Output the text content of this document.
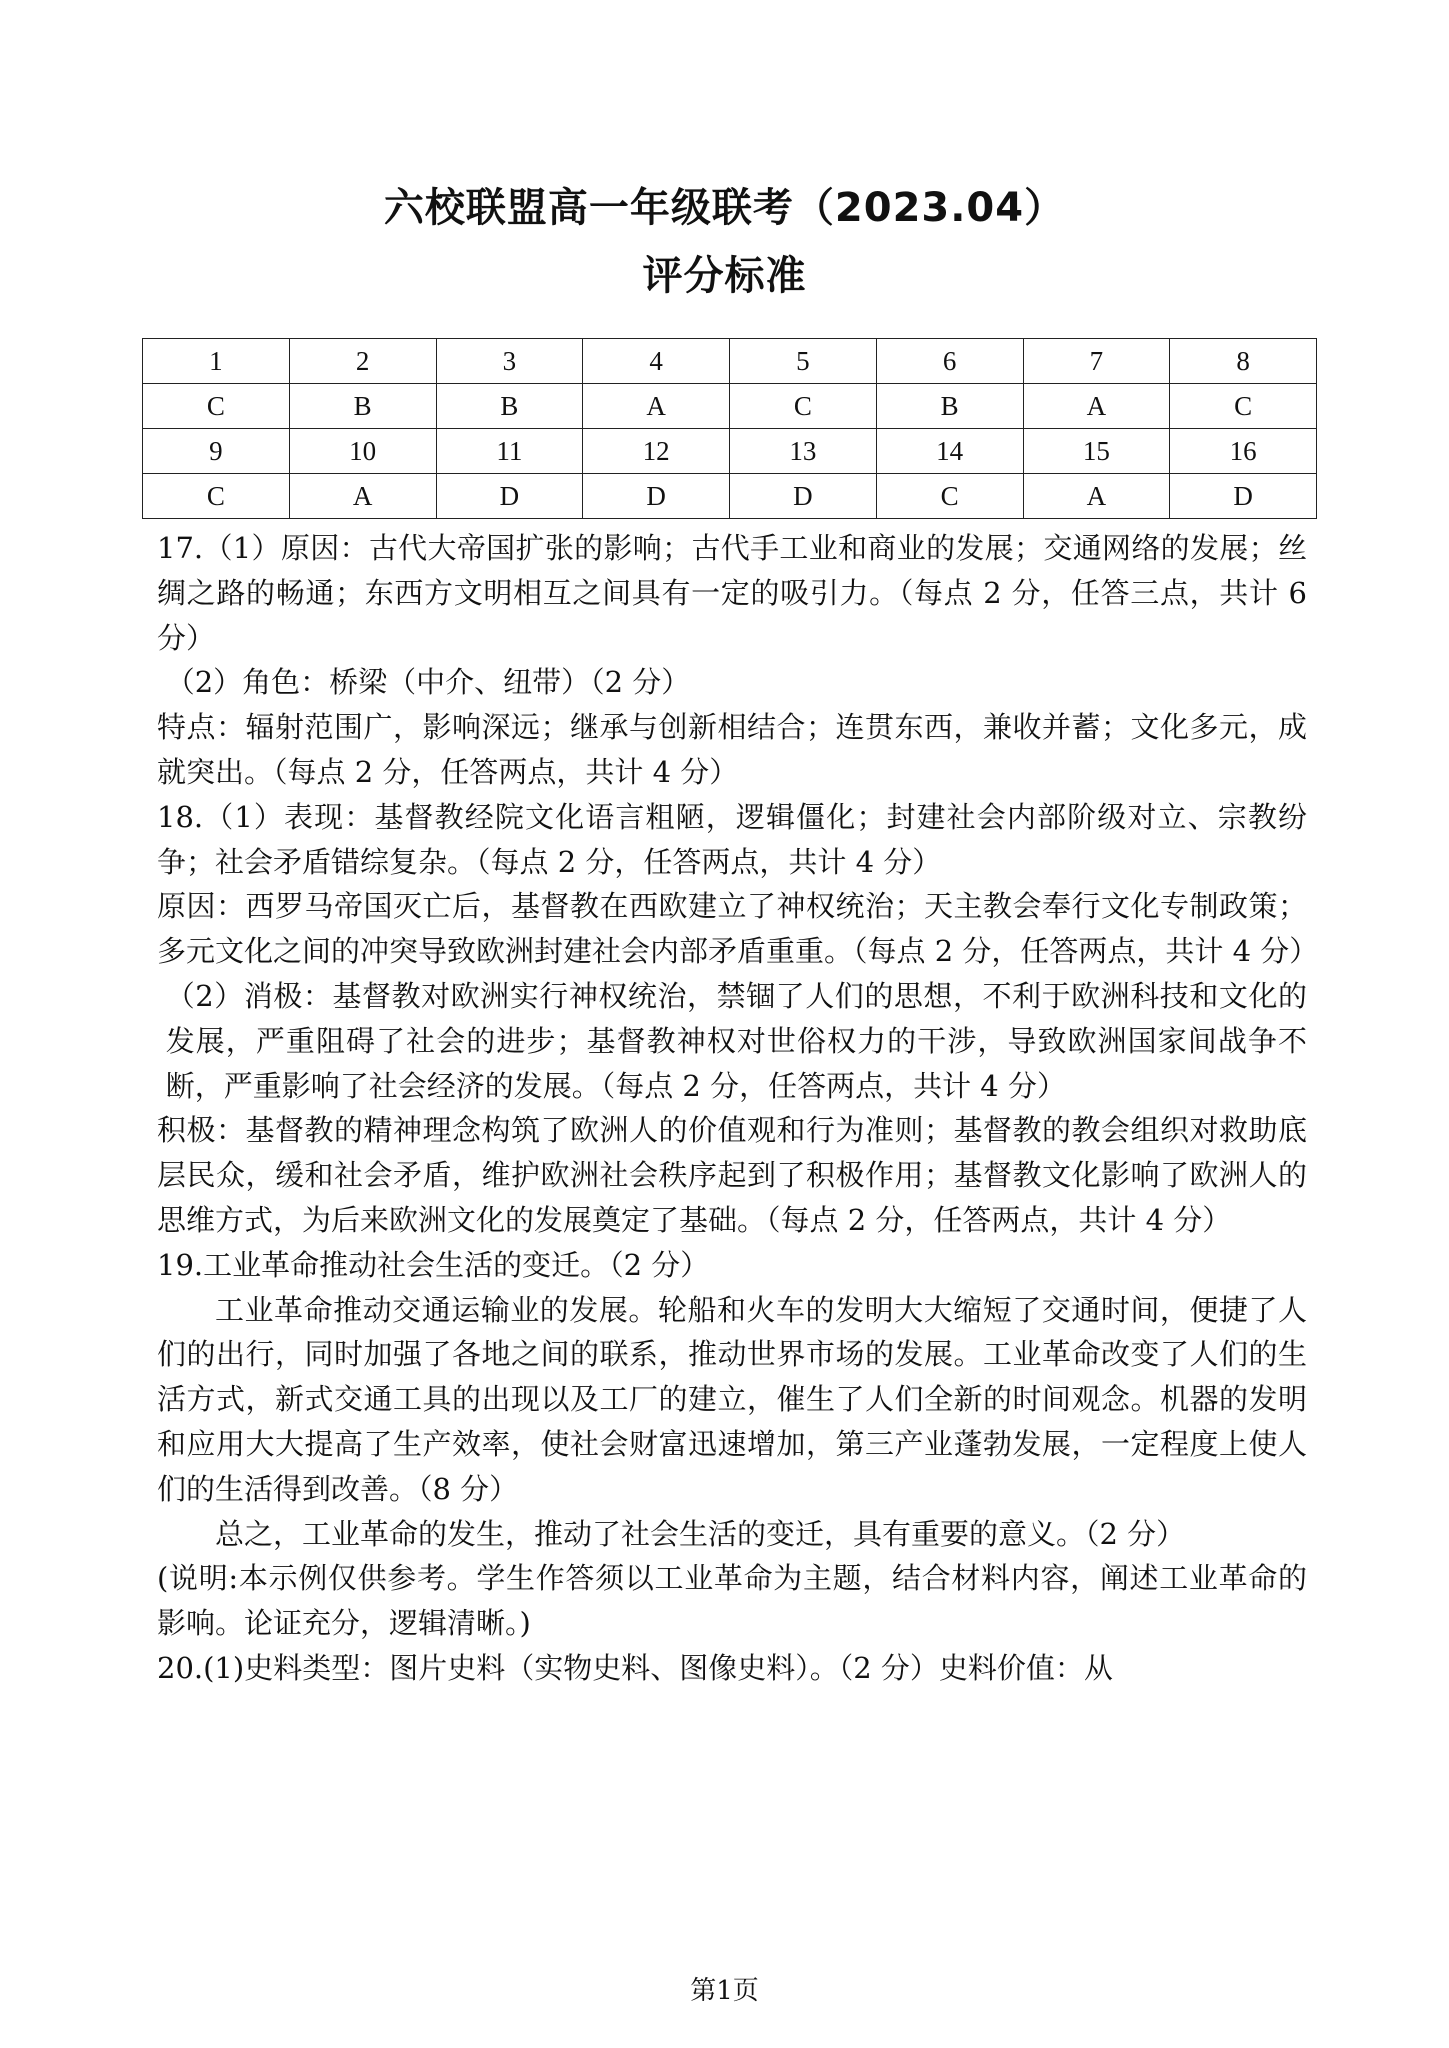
六校联盟高一年级联考（2023.04）
评分标准
1	2	3	4	5	6	7	8
C	B	B	A	C	B	A	C
9	10	11	12	13	14	15	16
C	A	D	D	D	C	A	D

17.（1）原因：古代大帝国扩张的影响；古代手工业和商业的发展；交通网络的发展；丝绸之路的畅通；东西方文明相互之间具有一定的吸引力。（每点 2 分，任答三点，共计 6 分）

（2）角色：桥梁（中介、纽带）（2 分）

特点：辐射范围广，影响深远；继承与创新相结合；连贯东西，兼收并蓄；文化多元，成就突出。（每点 2 分，任答两点，共计 4 分）

18.（1）表现：基督教经院文化语言粗陋，逻辑僵化；封建社会内部阶级对立、宗教纷争；社会矛盾错综复杂。（每点 2 分，任答两点，共计 4 分）

原因：西罗马帝国灭亡后，基督教在西欧建立了神权统治；天主教会奉行文化专制政策；多元文化之间的冲突导致欧洲封建社会内部矛盾重重。（每点 2 分，任答两点，共计 4 分）

（2）消极：基督教对欧洲实行神权统治，禁锢了人们的思想，不利于欧洲科技和文化的发展，严重阻碍了社会的进步；基督教神权对世俗权力的干涉，导致欧洲国家间战争不断，严重影响了社会经济的发展。（每点 2 分，任答两点，共计 4 分）

积极：基督教的精神理念构筑了欧洲人的价值观和行为准则；基督教的教会组织对救助底层民众，缓和社会矛盾，维护欧洲社会秩序起到了积极作用；基督教文化影响了欧洲人的思维方式，为后来欧洲文化的发展奠定了基础。（每点 2 分，任答两点，共计 4 分）

19.工业革命推动社会生活的变迁。（2 分）

工业革命推动交通运输业的发展。轮船和火车的发明大大缩短了交通时间，便捷了人们的出行，同时加强了各地之间的联系，推动世界市场的发展。工业革命改变了人们的生活方式，新式交通工具的出现以及工厂的建立，催生了人们全新的时间观念。机器的发明和应用大大提高了生产效率，使社会财富迅速增加，第三产业蓬勃发展，一定程度上使人们的生活得到改善。（8 分）

总之，工业革命的发生，推动了社会生活的变迁，具有重要的意义。（2 分）

(说明:本示例仅供参考。学生作答须以工业革命为主题，结合材料内容，阐述工业革命的影响。论证充分，逻辑清晰。)

20.(1)史料类型：图片史料（实物史料、图像史料）。（2 分）史料价值：从

第1页
